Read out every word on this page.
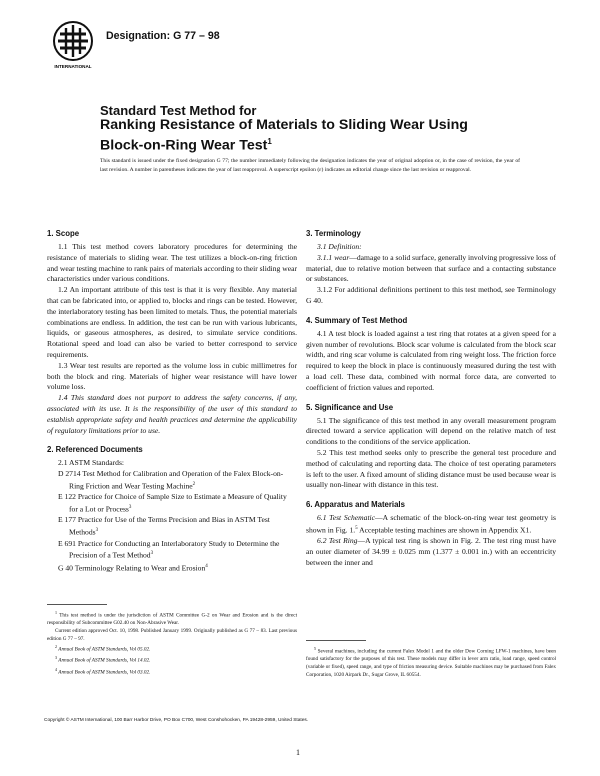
INTERNATIONAL
Designation: G 77 – 98
Standard Test Method for
Ranking Resistance of Materials to Sliding Wear Using
Block-on-Ring Wear Test$^1$
This standard is issued under the fixed designation G 77; the number immediately following the designation indicates the year of original adoption or, in the case of revision, the year of last revision. A number in parentheses indicates the year of last reapproval. A superscript epsilon (ε) indicates an editorial change since the last revision or reapproval.
1. Scope

1.1 This test method covers laboratory procedures for determining the resistance of materials to sliding wear. The test utilizes a block-on-ring friction and wear testing machine to rank pairs of materials according to their sliding wear characteristics under various conditions.

1.2 An important attribute of this test is that it is very flexible. Any material that can be fabricated into, or applied to, blocks and rings can be tested. However, the interlaboratory testing has been limited to metals. Thus, the potential materials combinations are endless. In addition, the test can be run with various lubricants, liquids, or gaseous atmospheres, as desired, to simulate service conditions. Rotational speed and load can also be varied to better correspond to service requirements.

1.3 Wear test results are reported as the volume loss in cubic millimetres for both the block and ring. Materials of higher wear resistance will have lower volume loss.

1.4 This standard does not purport to address the safety concerns, if any, associated with its use. It is the responsibility of the user of this standard to establish appropriate safety and health practices and determine the applicability of regulatory limitations prior to use.

2. Referenced Documents

2.1 ASTM Standards:

D 2714 Test Method for Calibration and Operation of the Falex Block-on-Ring Friction and Wear Testing Machine$^2$

E 122 Practice for Choice of Sample Size to Estimate a Measure of Quality for a Lot or Process$^3$

E 177 Practice for Use of the Terms Precision and Bias in ASTM Test Methods$^3$

E 691 Practice for Conducting an Interlaboratory Study to Determine the Precision of a Test Method$^3$

G 40 Terminology Relating to Wear and Erosion$^4$

3. Terminology

3.1 Definition:

3.1.1 wear—damage to a solid surface, generally involving progressive loss of material, due to relative motion between that surface and a contacting substance or substances.

3.1.2 For additional definitions pertinent to this test method, see Terminology G 40.

4. Summary of Test Method

4.1 A test block is loaded against a test ring that rotates at a given speed for a given number of revolutions. Block scar volume is calculated from the block scar width, and ring scar volume is calculated from ring weight loss. The friction force required to keep the block in place is continuously measured during the test with a load cell. These data, combined with normal force data, are converted to coefficient of friction values and reported.

5. Significance and Use

5.1 The significance of this test method in any overall measurement program directed toward a service application will depend on the relative match of test conditions to the conditions of the service application.

5.2 This test method seeks only to prescribe the general test procedure and method of calculating and reporting data. The choice of test operating parameters is left to the user. A fixed amount of sliding distance must be used because wear is usually non-linear with distance in this test.

6. Apparatus and Materials

6.1 Test Schematic—A schematic of the block-on-ring wear test geometry is shown in Fig. 1.$^5$ Acceptable testing machines are shown in Appendix X1.

6.2 Test Ring—A typical test ring is shown in Fig. 2. The test ring must have an outer diameter of 34.99 ± 0.025 mm (1.377 ± 0.001 in.) with an eccentricity between the inner and

$^1$ This test method is under the jurisdiction of ASTM Committee G-2 on Wear and Erosion and is the direct responsibility of Subcommittee G02.40 on Non-Abrasive Wear.

Current edition approved Oct. 10, 1998. Published January 1999. Originally published as G 77 – 83. Last previous edition G 77 – 97.

$^2$ Annual Book of ASTM Standards, Vol 05.02.

$^3$ Annual Book of ASTM Standards, Vol 14.02.

$^4$ Annual Book of ASTM Standards, Vol 03.02.

$^5$ Several machines, including the current Falex Model 1 and the older Dow Corning LFW-1 machines, have been found satisfactory for the purposes of this test. These models may differ in lever arm ratio, load range, speed control (variable or fixed), speed range, and type of friction measuring device. Suitable machines may be purchased from Falex Corporation, 1020 Airpark Dr., Sugar Grove, IL 60554.

Copyright © ASTM International, 100 Barr Harbor Drive, PO Box C700, West Conshohocken, PA 19428-2959, United States.
1
